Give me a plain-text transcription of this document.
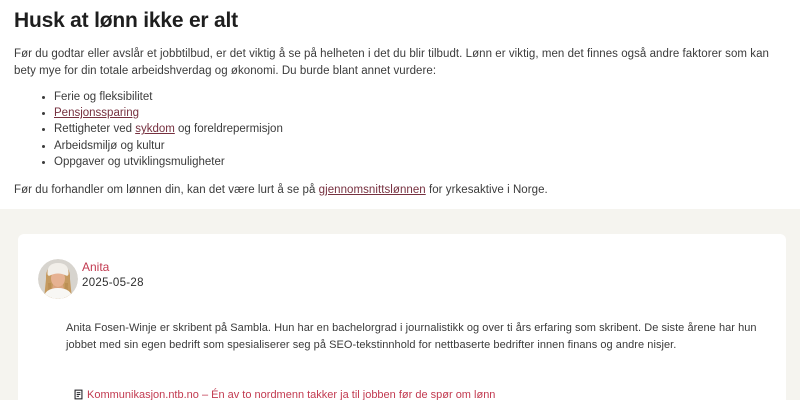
Husk at lønn ikke er alt

Før du godtar eller avslår et jobbtilbud, er det viktig å se på helheten i det du blir tilbudt. Lønn er viktig, men det finnes også andre faktorer som kan bety mye for din totale arbeidshverdag og økonomi. Du burde blant annet vurdere:

• Ferie og fleksibilitet
• Pensjonssparing
• Rettigheter ved sykdom og foreldrepermisjon
• Arbeidsmiljø og kultur
• Oppgaver og utviklingsmuligheter

Før du forhandler om lønnen din, kan det være lurt å se på gjennomsnittslønnen for yrkesaktive i Norge.

Anita
2025-05-28

Anita Fosen-Winje er skribent på Sambla. Hun har en bachelorgrad i journalistikk og over ti års erfaring som skribent. De siste årene har hun jobbet med sin egen bedrift som spesialiserer seg på SEO-tekstinnhold for nettbaserte bedrifter innen finans og andre nisjer.

Kommunikasjon.ntb.no – Én av to nordmenn takker ja til jobben før de spør om lønn
